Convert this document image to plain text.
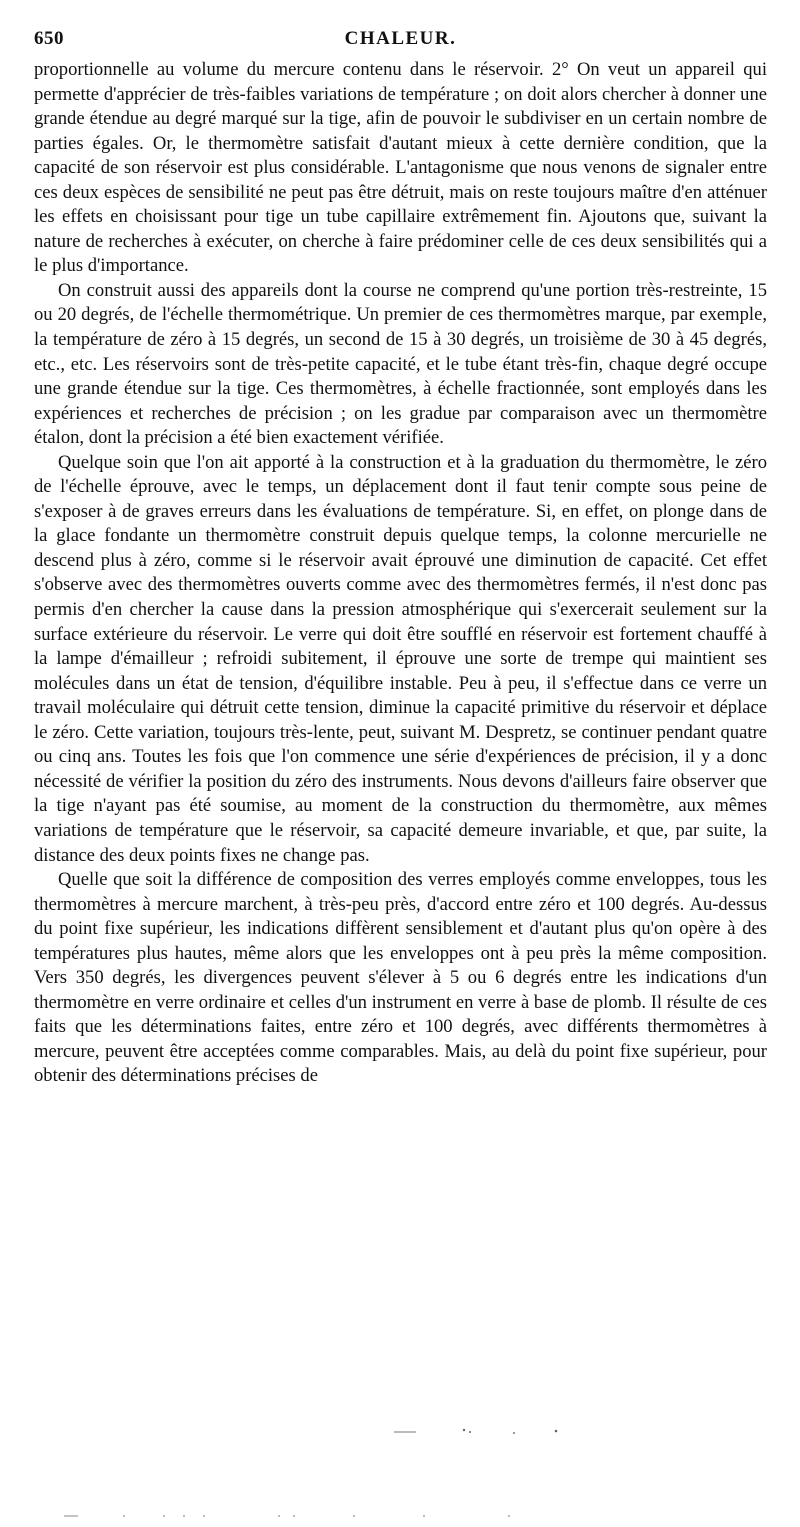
650	CHALEUR.

proportionnelle au volume du mercure contenu dans le réservoir. 2° On veut un appareil qui permette d'apprécier de très-faibles variations de température ; on doit alors chercher à donner une grande étendue au degré marqué sur la tige, afin de pouvoir le subdiviser en un certain nombre de parties égales. Or, le thermomètre satisfait d'autant mieux à cette dernière condition, que la capacité de son réservoir est plus considérable. L'antagonisme que nous venons de signaler entre ces deux espèces de sensibilité ne peut pas être détruit, mais on reste toujours maître d'en atténuer les effets en choisissant pour tige un tube capillaire extrêmement fin. Ajoutons que, suivant la nature de recherches à exécuter, on cherche à faire prédominer celle de ces deux sensibilités qui a le plus d'importance.

On construit aussi des appareils dont la course ne comprend qu'une portion très-restreinte, 15 ou 20 degrés, de l'échelle thermométrique. Un premier de ces thermomètres marque, par exemple, la température de zéro à 15 degrés, un second de 15 à 30 degrés, un troisième de 30 à 45 degrés, etc., etc. Les réservoirs sont de très-petite capacité, et le tube étant très-fin, chaque degré occupe une grande étendue sur la tige. Ces thermomètres, à échelle fractionnée, sont employés dans les expériences et recherches de précision ; on les gradue par comparaison avec un thermomètre étalon, dont la précision a été bien exactement vérifiée.

Quelque soin que l'on ait apporté à la construction et à la graduation du thermomètre, le zéro de l'échelle éprouve, avec le temps, un déplacement dont il faut tenir compte sous peine de s'exposer à de graves erreurs dans les évaluations de température. Si, en effet, on plonge dans de la glace fondante un thermomètre construit depuis quelque temps, la colonne mercurielle ne descend plus à zéro, comme si le réservoir avait éprouvé une diminution de capacité. Cet effet s'observe avec des thermomètres ouverts comme avec des thermomètres fermés, il n'est donc pas permis d'en chercher la cause dans la pression atmosphérique qui s'exercerait seulement sur la surface extérieure du réservoir. Le verre qui doit être soufflé en réservoir est fortement chauffé à la lampe d'émailleur ; refroidi subitement, il éprouve une sorte de trempe qui maintient ses molécules dans un état de tension, d'équilibre instable. Peu à peu, il s'effectue dans ce verre un travail moléculaire qui détruit cette tension, diminue la capacité primitive du réservoir et déplace le zéro. Cette variation, toujours très-lente, peut, suivant M. Despretz, se continuer pendant quatre ou cinq ans. Toutes les fois que l'on commence une série d'expériences de précision, il y a donc nécessité de vérifier la position du zéro des instruments. Nous devons d'ailleurs faire observer que la tige n'ayant pas été soumise, au moment de la construction du thermomètre, aux mêmes variations de température que le réservoir, sa capacité demeure invariable, et que, par suite, la distance des deux points fixes ne change pas.

Quelle que soit la différence de composition des verres employés comme enveloppes, tous les thermomètres à mercure marchent, à très-peu près, d'accord entre zéro et 100 degrés. Au-dessus du point fixe supérieur, les indications diffèrent sensiblement et d'autant plus qu'on opère à des températures plus hautes, même alors que les enveloppes ont à peu près la même composition. Vers 350 degrés, les divergences peuvent s'élever à 5 ou 6 degrés entre les indications d'un thermomètre en verre ordinaire et celles d'un instrument en verre à base de plomb. Il résulte de ces faits que les déterminations faites, entre zéro et 100 degrés, avec différents thermomètres à mercure, peuvent être acceptées comme comparables. Mais, au delà du point fixe supérieur, pour obtenir des déterminations précises de
